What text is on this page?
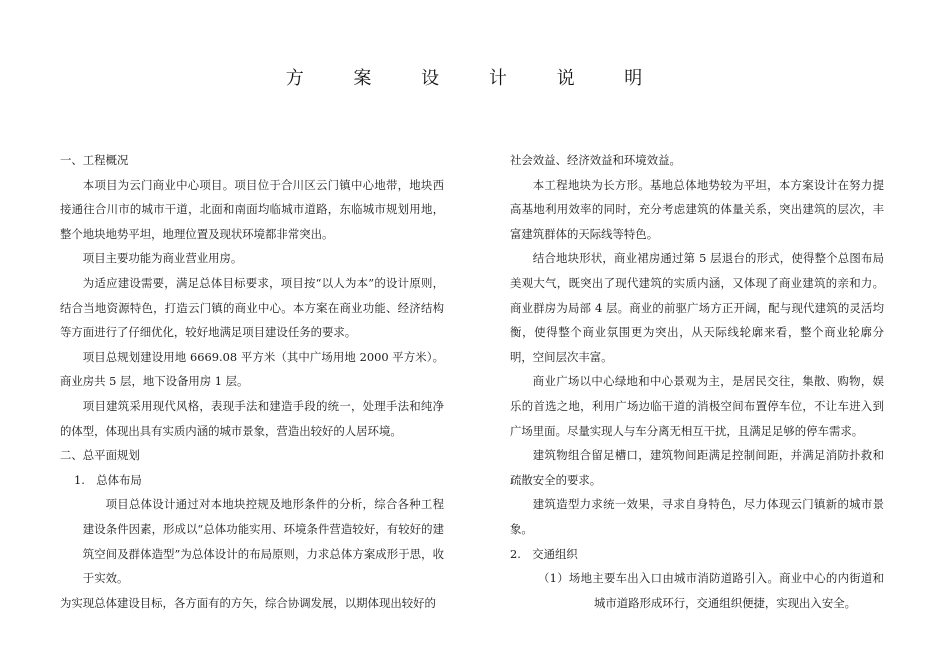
方 案 设 计 说 明

一、工程概况

本项目为云门商业中心项目。项目位于合川区云门镇中心地带，地块西接通往合川市的城市干道，北面和南面均临城市道路，东临城市规划用地，整个地块地势平坦，地理位置及现状环境都非常突出。

项目主要功能为商业营业用房。

为适应建设需要，满足总体目标要求，项目按“以人为本”的设计原则，结合当地资源特色，打造云门镇的商业中心。本方案在商业功能、经济结构等方面进行了仔细优化，较好地满足项目建设任务的要求。

项目总规划建设用地 6669.08 平方米（其中广场用地 2000 平方米）。商业房共 5 层，地下设备用房 1 层。

项目建筑采用现代风格，表现手法和建造手段的统一，处理手法和纯净的体型，体现出具有实质内涵的城市景象，营造出较好的人居环境。

二、总平面规划

1.　总体布局

项目总体设计通过对本地块控规及地形条件的分析，综合各种工程建设条件因素，形成以“总体功能实用、环境条件营造较好，有较好的建筑空间及群体造型”为总体设计的布局原则，力求总体方案成形于思，收于实效。

为实现总体建设目标，各方面有的方矢，综合协调发展，以期体现出较好的

社会效益、经济效益和环境效益。

本工程地块为长方形。基地总体地势较为平坦，本方案设计在努力提高基地利用效率的同时，充分考虑建筑的体量关系，突出建筑的层次，丰富建筑群体的天际线等特色。

结合地块形状，商业裙房通过第 5 层退台的形式，使得整个总图布局美观大气，既突出了现代建筑的实质内涵，又体现了商业建筑的亲和力。商业群房为局部 4 层。商业的前驱广场方正开阔，配与现代建筑的灵活均衡，使得整个商业氛围更为突出，从天际线轮廓来看，整个商业轮廓分明，空间层次丰富。

商业广场以中心绿地和中心景观为主，是居民交往，集散、购物，娱乐的首选之地，利用广场边临干道的消极空间布置停车位，不让车进入到广场里面。尽量实现人与车分离无相互干扰，且满足足够的停车需求。

建筑物组合留足槽口，建筑物间距满足控制间距，并满足消防扑救和疏散安全的要求。

建筑造型力求统一效果，寻求自身特色，尽力体现云门镇新的城市景象。

2.　交通组织

（1）场地主要车出入口由城市消防道路引入。商业中心的内街道和城市道路形成环行，交通组织便捷，实现出入安全。
